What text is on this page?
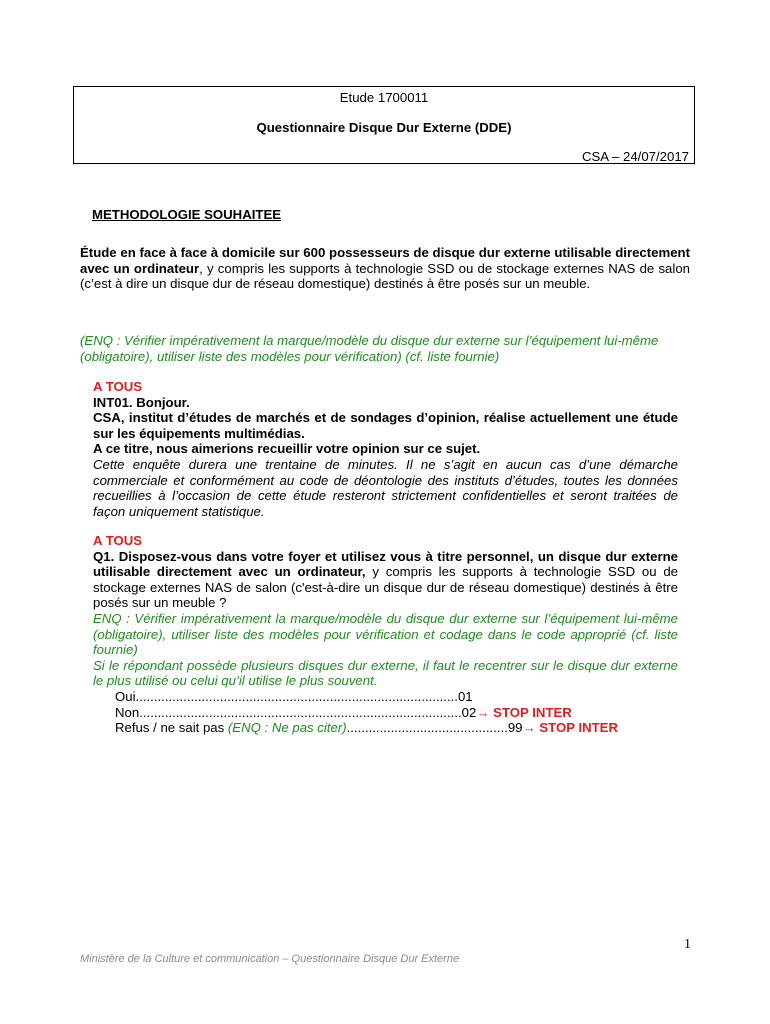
Etude 1700011
Questionnaire Disque Dur Externe (DDE)
CSA – 24/07/2017
METHODOLOGIE SOUHAITEE
Étude en face à face à domicile sur 600 possesseurs de disque dur externe utilisable directement avec un ordinateur, y compris les supports à technologie SSD ou de stockage externes NAS de salon (c’est à dire un disque dur de réseau domestique) destinés à être posés sur un meuble.
(ENQ : Vérifier impérativement la marque/modèle du disque dur externe sur l’équipement lui-même (obligatoire), utiliser liste des modèles pour vérification) (cf. liste fournie)

A TOUS

INT01. Bonjour.

CSA, institut d’études de marchés et de sondages d’opinion, réalise actuellement une étude sur les équipements multimédias.

A ce titre, nous aimerions recueillir votre opinion sur ce sujet.

Cette enquête durera une trentaine de minutes. Il ne s’agit en aucun cas d’une démarche commerciale et conformément au code de déontologie des instituts d’études, toutes les données recueillies à l’occasion de cette étude resteront strictement confidentielles et seront traitées de façon uniquement statistique.

A TOUS

Q1. Disposez-vous dans votre foyer et utilisez vous à titre personnel, un disque dur externe utilisable directement avec un ordinateur, y compris les supports à technologie SSD ou de stockage externes NAS de salon (c'est-à-dire un disque dur de réseau domestique) destinés à être posés sur un meuble ?

ENQ : Vérifier impérativement la marque/modèle du disque dur externe sur l’équipement lui-même (obligatoire), utiliser liste des modèles pour vérification et codage dans le code approprié (cf. liste fournie)

Si le répondant possède plusieurs disques dur externe, il faut le recentrer sur le disque dur externe le plus utilisé ou celui qu’il utilise le plus souvent.

Oui........................................................................................01
Non........................................................................................02→ STOP INTER
Refus / ne sait pas (ENQ : Ne pas citer)............................................99→ STOP INTER
1
Ministère de la Culture et communication – Questionnaire Disque Dur Externe
